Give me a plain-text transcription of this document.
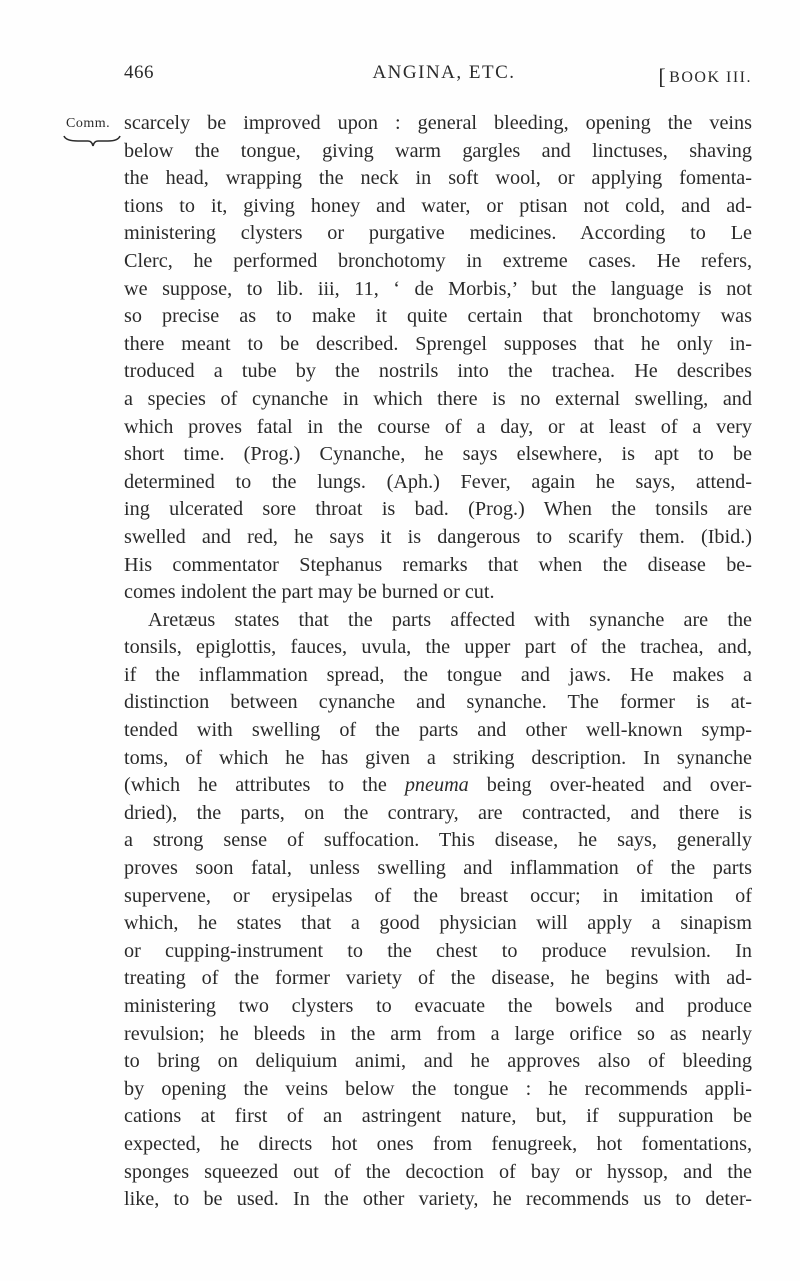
466	ANGINA, ETC.
[	BOOK III.
Comm. scarcely be improved upon : general bleeding, opening the veins
below the tongue, giving warm gargles and linctuses, shaving
the head, wrapping the neck in soft wool, or applying fomenta-
tions to it, giving honey and water, or ptisan not cold, and ad-
ministering clysters or purgative medicines. According to Le
Clerc, he performed bronchotomy in extreme cases. He refers,
we suppose, to lib. iii, 11, ‘ de Morbis,’ but the language is not
so precise as to make it quite certain that bronchotomy was
there meant to be described. Sprengel supposes that he only in-
troduced a tube by the nostrils into the trachea. He describes
a species of cynanche in which there is no external swelling, and
which proves fatal in the course of a day, or at least of a very
short time. (Prog.) Cynanche, he says elsewhere, is apt to be
determined to the lungs. (Aph.) Fever, again he says, attend-
ing ulcerated sore throat is bad. (Prog.) When the tonsils are
swelled and red, he says it is dangerous to scarify them. (Ibid.)
His commentator Stephanus remarks that when the disease be-
comes indolent the part may be burned or cut.
Aretæus states that the parts affected with synanche are the
tonsils, epiglottis, fauces, uvula, the upper part of the trachea, and,
if the inflammation spread, the tongue and jaws. He makes a
distinction between cynanche and synanche. The former is at-
tended with swelling of the parts and other well-known symp-
toms, of which he has given a striking description. In synanche
(which he attributes to the pneuma being over-heated and over-
dried), the parts, on the contrary, are contracted, and there is
a strong sense of suffocation. This disease, he says, generally
proves soon fatal, unless swelling and inflammation of the parts
supervene, or erysipelas of the breast occur; in imitation of
which, he states that a good physician will apply a sinapism
or cupping-instrument to the chest to produce revulsion. In
treating of the former variety of the disease, he begins with ad-
ministering two clysters to evacuate the bowels and produce
revulsion; he bleeds in the arm from a large orifice so as nearly
to bring on deliquium animi, and he approves also of bleeding
by opening the veins below the tongue : he recommends appli-
cations at first of an astringent nature, but, if suppuration be
expected, he directs hot ones from fenugreek, hot fomentations,
sponges squeezed out of the decoction of bay or hyssop, and the
like, to be used. In the other variety, he recommends us to deter-
